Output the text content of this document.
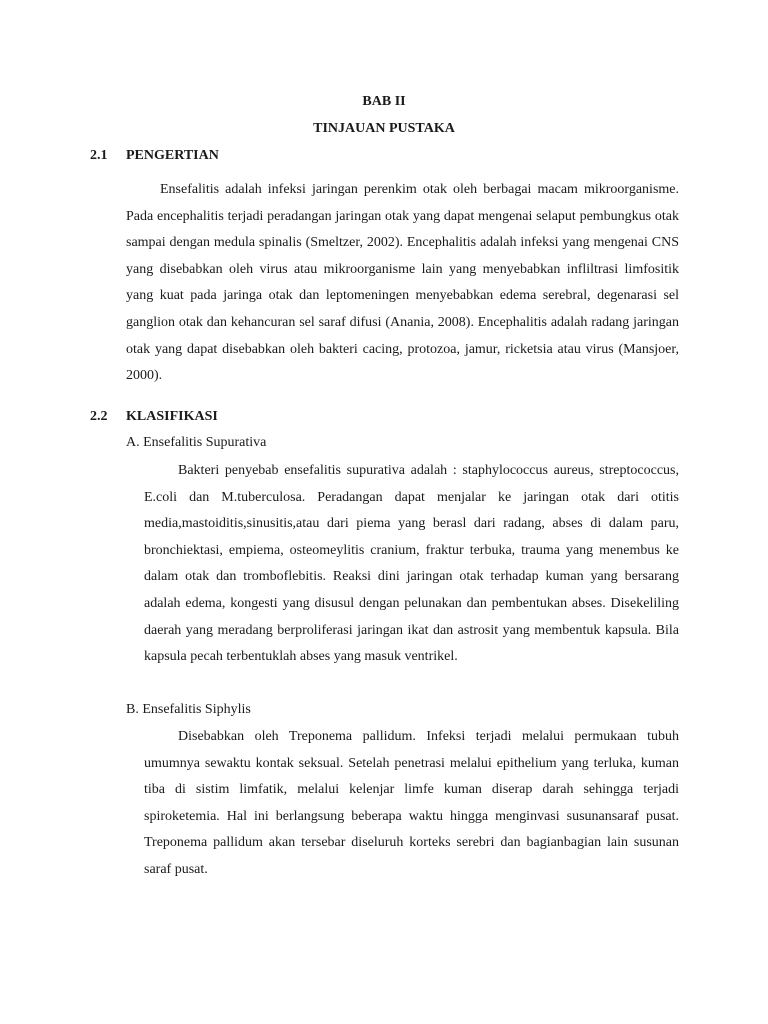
BAB II
TINJAUAN PUSTAKA
2.1 PENGERTIAN
Ensefalitis adalah infeksi jaringan perenkim otak oleh berbagai macam mikroorganisme. Pada encephalitis terjadi peradangan jaringan otak yang dapat mengenai selaput pembungkus otak sampai dengan medula spinalis (Smeltzer, 2002). Encephalitis adalah infeksi yang mengenai CNS yang disebabkan oleh virus atau mikroorganisme lain yang menyebabkan infliltrasi limfositik yang kuat pada jaringa otak dan leptomeningen menyebabkan edema serebral, degenarasi sel ganglion otak dan kehancuran sel saraf difusi (Anania, 2008). Encephalitis adalah radang jaringan otak yang dapat disebabkan oleh bakteri cacing, protozoa, jamur, ricketsia atau virus (Mansjoer, 2000).
2.2 KLASIFIKASI
A. Ensefalitis Supurativa
Bakteri penyebab ensefalitis supurativa adalah : staphylococcus aureus, streptococcus, E.coli dan M.tuberculosa. Peradangan dapat menjalar ke jaringan otak dari otitis media,mastoiditis,sinusitis,atau dari piema yang berasl dari radang, abses di dalam paru, bronchiektasi, empiema, osteomeylitis cranium, fraktur terbuka, trauma yang menembus ke dalam otak dan tromboflebitis. Reaksi dini jaringan otak terhadap kuman yang bersarang adalah edema, kongesti yang disusul dengan pelunakan dan pembentukan abses. Disekeliling daerah yang meradang berproliferasi jaringan ikat dan astrosit yang membentuk kapsula. Bila kapsula pecah terbentuklah abses yang masuk ventrikel.
B. Ensefalitis Siphylis
Disebabkan oleh Treponema pallidum. Infeksi terjadi melalui permukaan tubuh umumnya sewaktu kontak seksual. Setelah penetrasi melalui epithelium yang terluka, kuman tiba di sistim limfatik, melalui kelenjar limfe kuman diserap darah sehingga terjadi spiroketemia. Hal ini berlangsung beberapa waktu hingga menginvasi susunansaraf pusat. Treponema pallidum akan tersebar diseluruh korteks serebri dan bagianbagian lain susunan saraf pusat.
